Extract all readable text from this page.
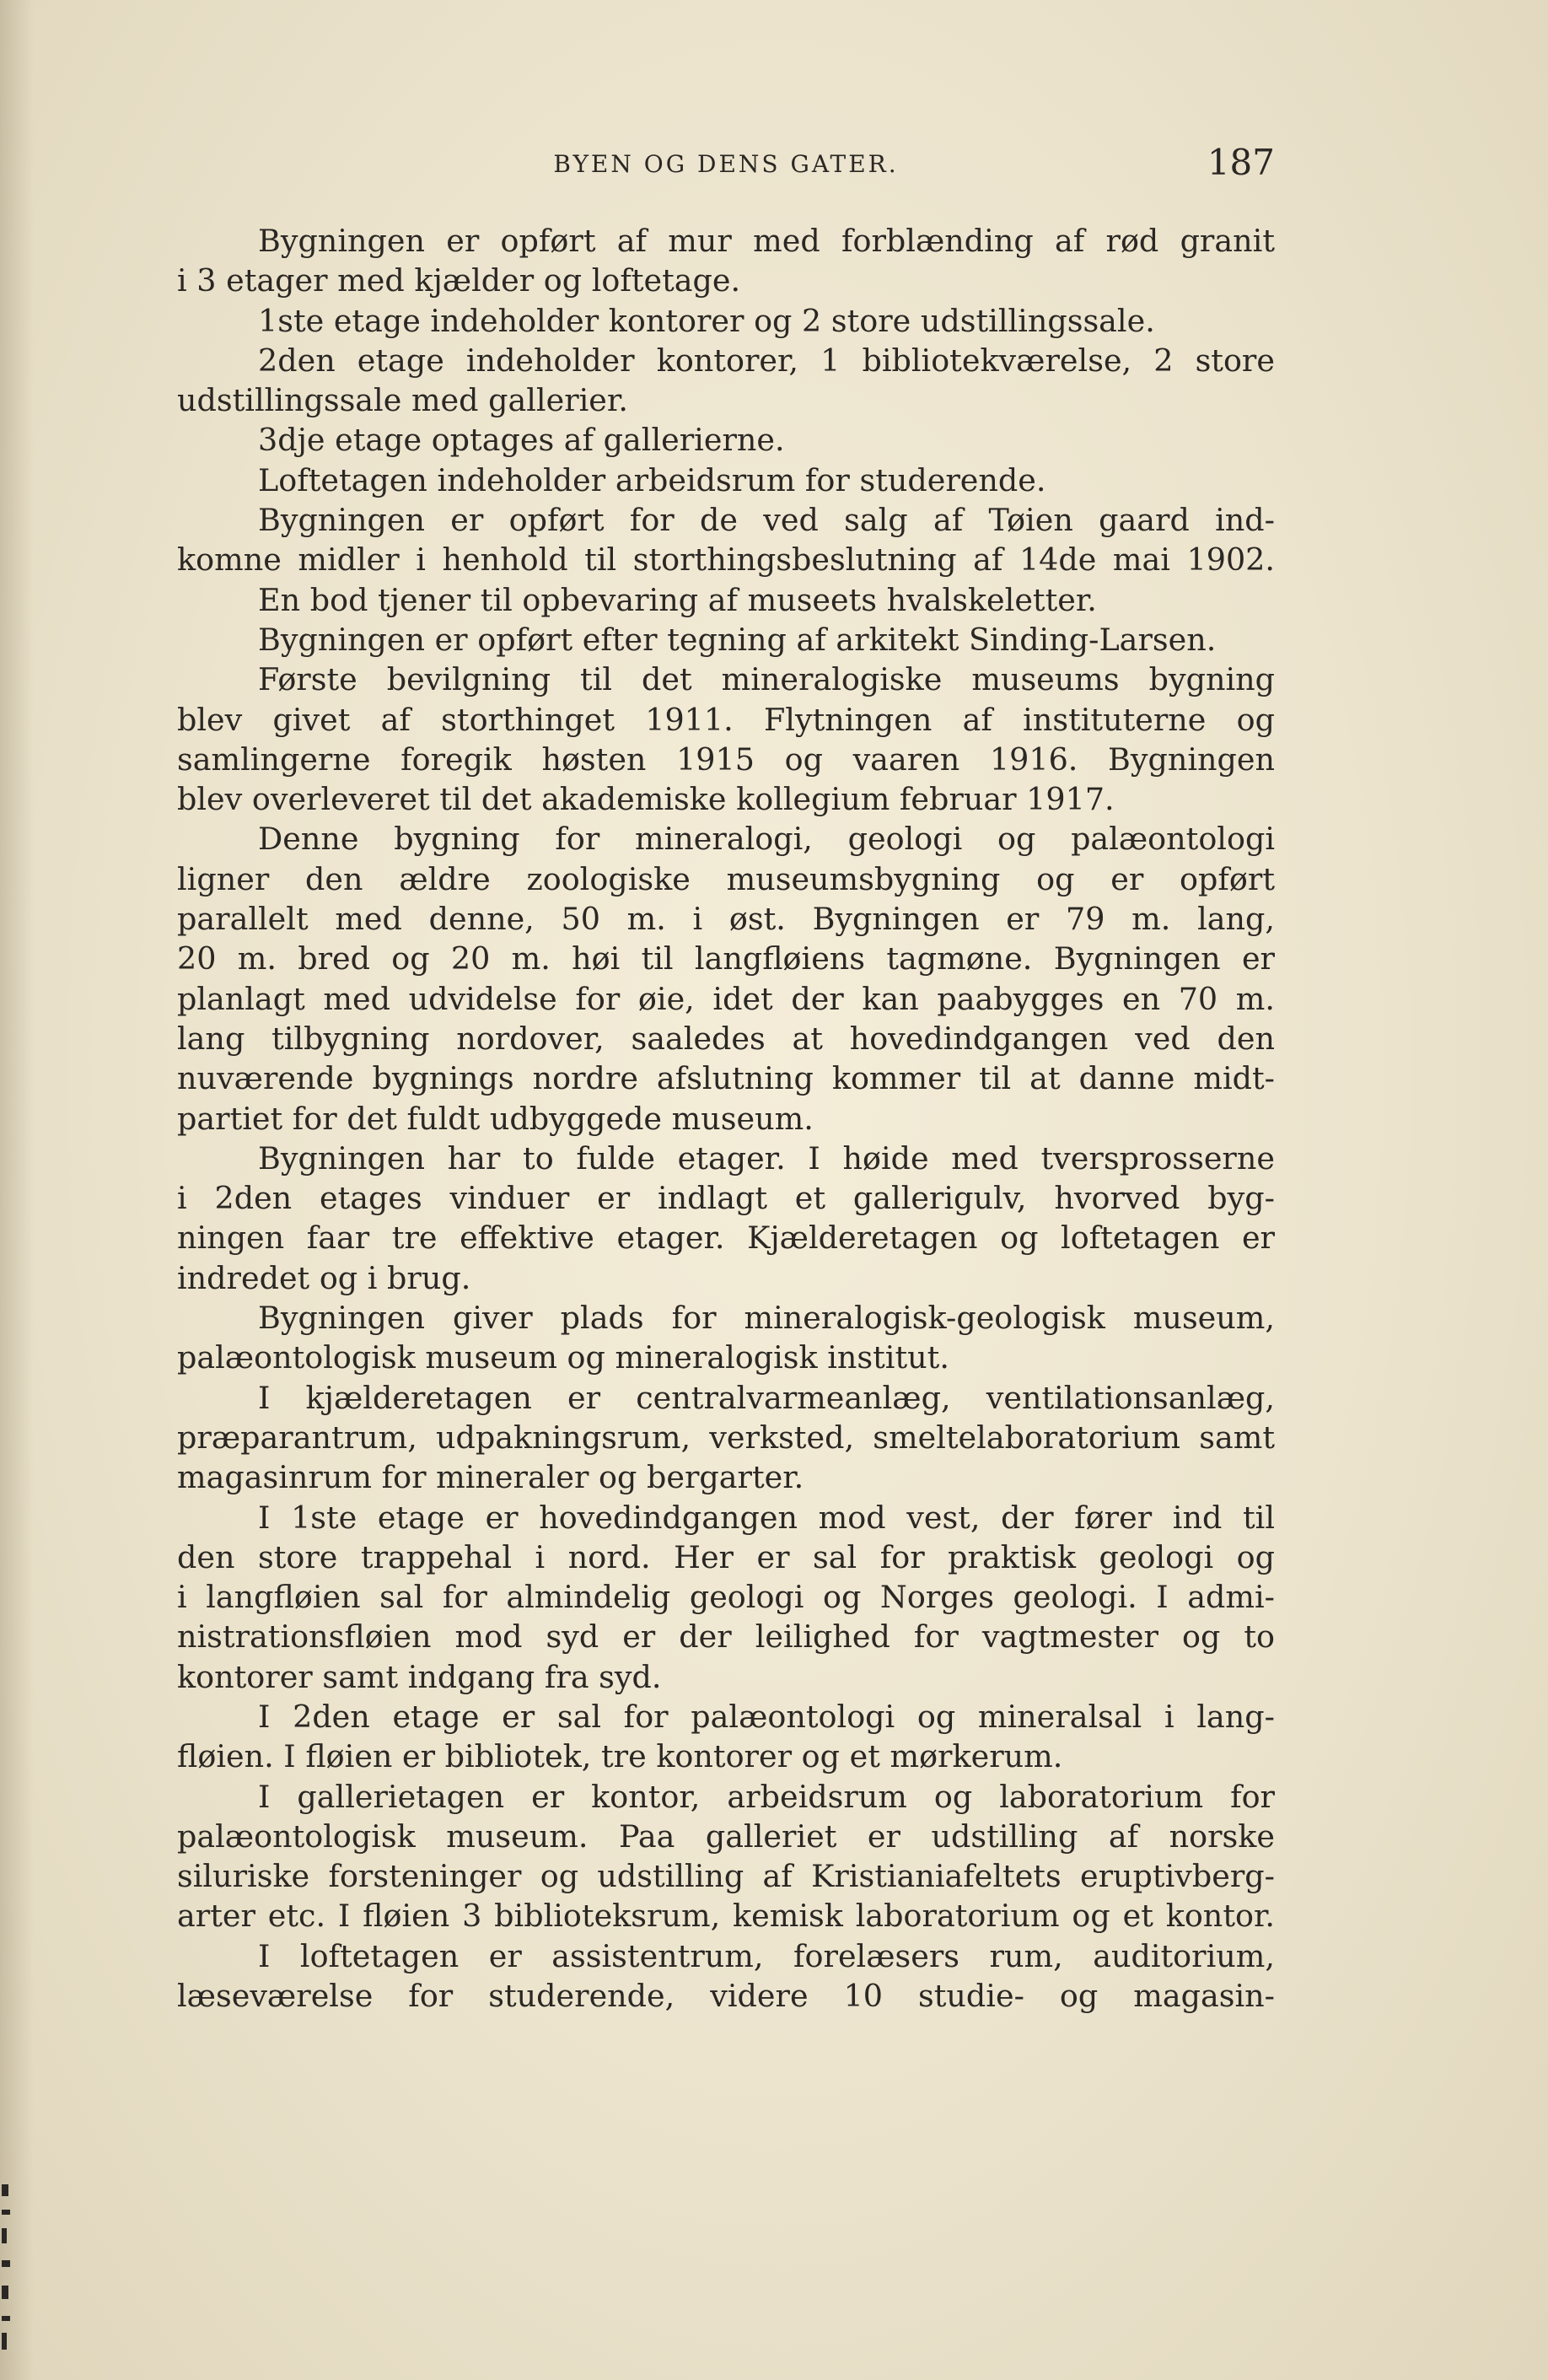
BYEN OG DENS GATER.	187
Bygningen er opført af mur med forblænding af rød granit
i 3 etager med kjælder og loftetage.
1ste etage indeholder kontorer og 2 store udstillingssale.
2den etage indeholder kontorer, 1 bibliotekværelse, 2 store
udstillingssale med gallerier.
3dje etage optages af gallerierne.
Loftetagen indeholder arbeidsrum for studerende.
Bygningen er opført for de ved salg af Tøien gaard ind-
komne midler i henhold til storthingsbeslutning af 14de mai 1902.
En bod tjener til opbevaring af museets hvalskeletter.
Bygningen er opført efter tegning af arkitekt Sinding-Larsen.
Første bevilgning til det mineralogiske museums bygning
blev givet af storthinget 1911. Flytningen af instituterne og
samlingerne foregik høsten 1915 og vaaren 1916. Bygningen
blev overleveret til det akademiske kollegium februar 1917.
Denne bygning for mineralogi, geologi og palæontologi
ligner den ældre zoologiske museumsbygning og er opført
parallelt med denne, 50 m. i øst. Bygningen er 79 m. lang,
20 m. bred og 20 m. høi til langfløiens tagmøne. Bygningen er
planlagt med udvidelse for øie, idet der kan paabygges en 70 m.
lang tilbygning nordover, saaledes at hovedindgangen ved den
nuværende bygnings nordre afslutning kommer til at danne midt-
partiet for det fuldt udbyggede museum.
Bygningen har to fulde etager. I høide med tversprosserne
i 2den etages vinduer er indlagt et gallerigulv, hvorved byg-
ningen faar tre effektive etager. Kjælderetagen og loftetagen er
indredet og i brug.
Bygningen giver plads for mineralogisk-geologisk museum,
palæontologisk museum og mineralogisk institut.
I kjælderetagen er centralvarmeanlæg, ventilationsanlæg,
præparantrum, udpakningsrum, verksted, smeltelaboratorium samt
magasinrum for mineraler og bergarter.
I 1ste etage er hovedindgangen mod vest, der fører ind til
den store trappehal i nord. Her er sal for praktisk geologi og
i langfløien sal for almindelig geologi og Norges geologi. I admi-
nistrationsfløien mod syd er der leilighed for vagtmester og to
kontorer samt indgang fra syd.
I 2den etage er sal for palæontologi og mineralsal i lang-
fløien. I fløien er bibliotek, tre kontorer og et mørkerum.
I gallerietagen er kontor, arbeidsrum og laboratorium for
palæontologisk museum. Paa galleriet er udstilling af norske
siluriske forsteninger og udstilling af Kristianiafeltets eruptivberg-
arter etc. I fløien 3 biblioteksrum, kemisk laboratorium og et kontor.
I loftetagen er assistentrum, forelæsers rum, auditorium,
læseværelse for studerende, videre 10 studie- og magasin-
